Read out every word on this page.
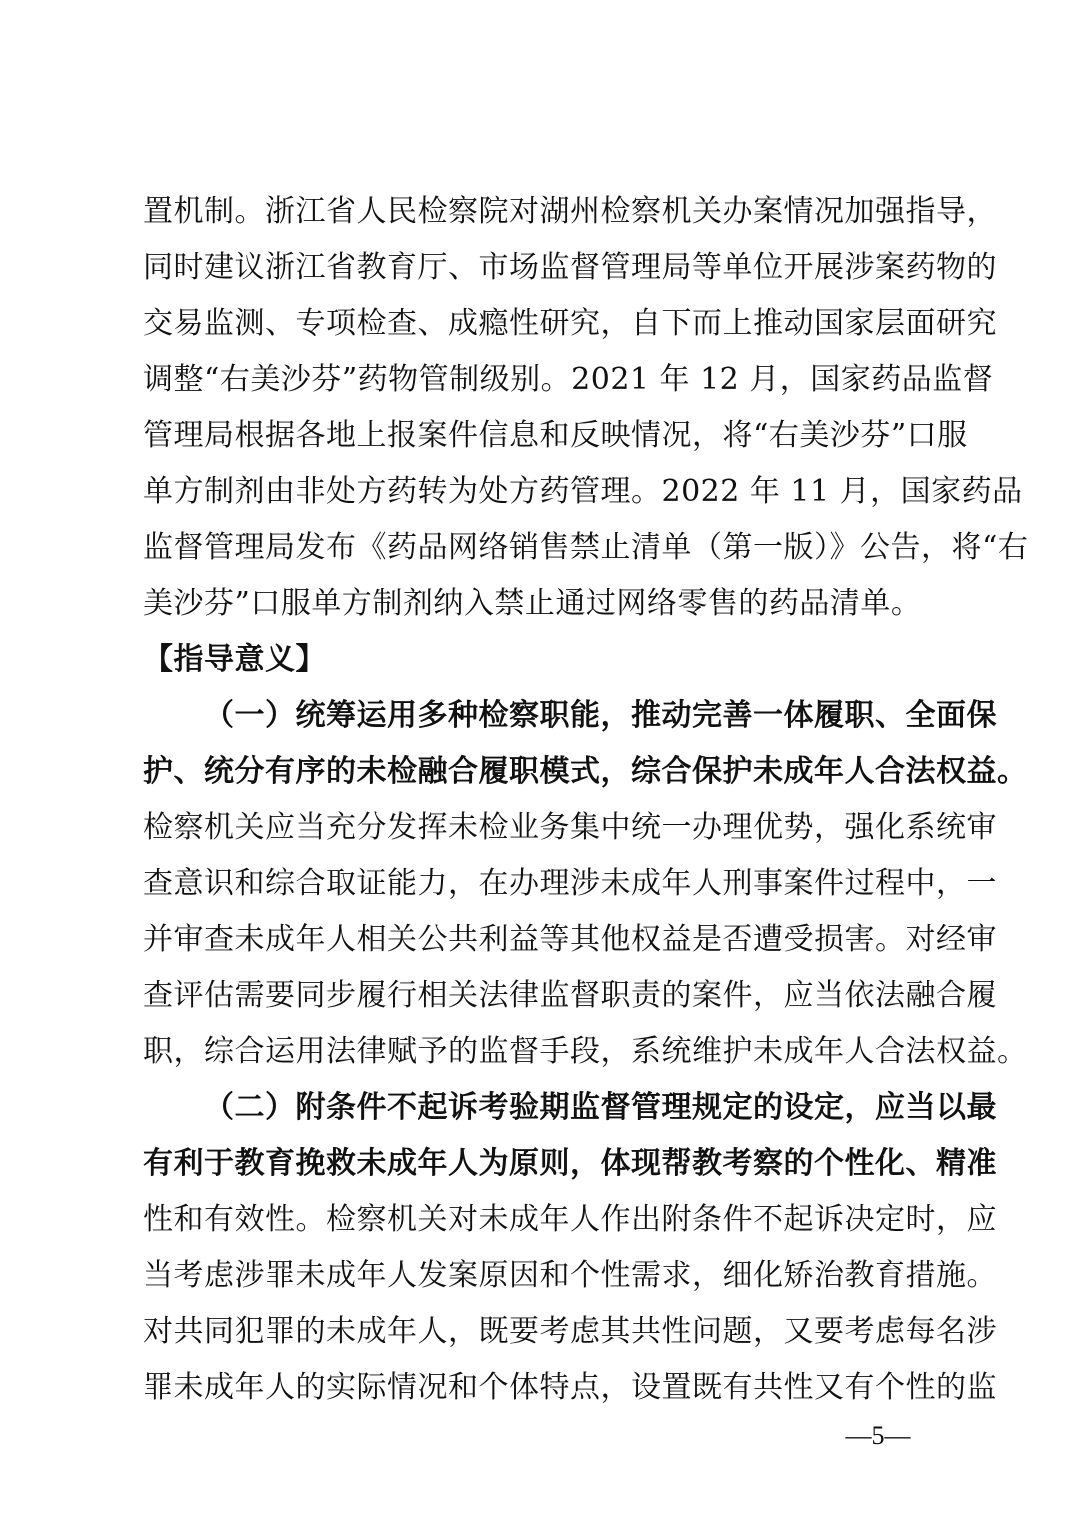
置机制。浙江省人民检察院对湖州检察机关办案情况加强指导，
同时建议浙江省教育厅、市场监督管理局等单位开展涉案药物的
交易监测、专项检查、成瘾性研究，自下而上推动国家层面研究
调整“右美沙芬”药物管制级别。2021 年 12 月，国家药品监督
管理局根据各地上报案件信息和反映情况，将“右美沙芬”口服
单方制剂由非处方药转为处方药管理。2022 年 11 月，国家药品
监督管理局发布《药品网络销售禁止清单（第一版）》公告，将“右
美沙芬”口服单方制剂纳入禁止通过网络零售的药品清单。
【指导意义】
（一）统筹运用多种检察职能，推动完善一体履职、全面保
护、统分有序的未检融合履职模式，综合保护未成年人合法权益。
检察机关应当充分发挥未检业务集中统一办理优势，强化系统审
查意识和综合取证能力，在办理涉未成年人刑事案件过程中，一
并审查未成年人相关公共利益等其他权益是否遭受损害。对经审
查评估需要同步履行相关法律监督职责的案件，应当依法融合履
职，综合运用法律赋予的监督手段，系统维护未成年人合法权益。
（二）附条件不起诉考验期监督管理规定的设定，应当以最
有利于教育挽救未成年人为原则，体现帮教考察的个性化、精准
性和有效性。检察机关对未成年人作出附条件不起诉决定时，应
当考虑涉罪未成年人发案原因和个性需求，细化矫治教育措施。
对共同犯罪的未成年人，既要考虑其共性问题，又要考虑每名涉
罪未成年人的实际情况和个体特点，设置既有共性又有个性的监
—5—
